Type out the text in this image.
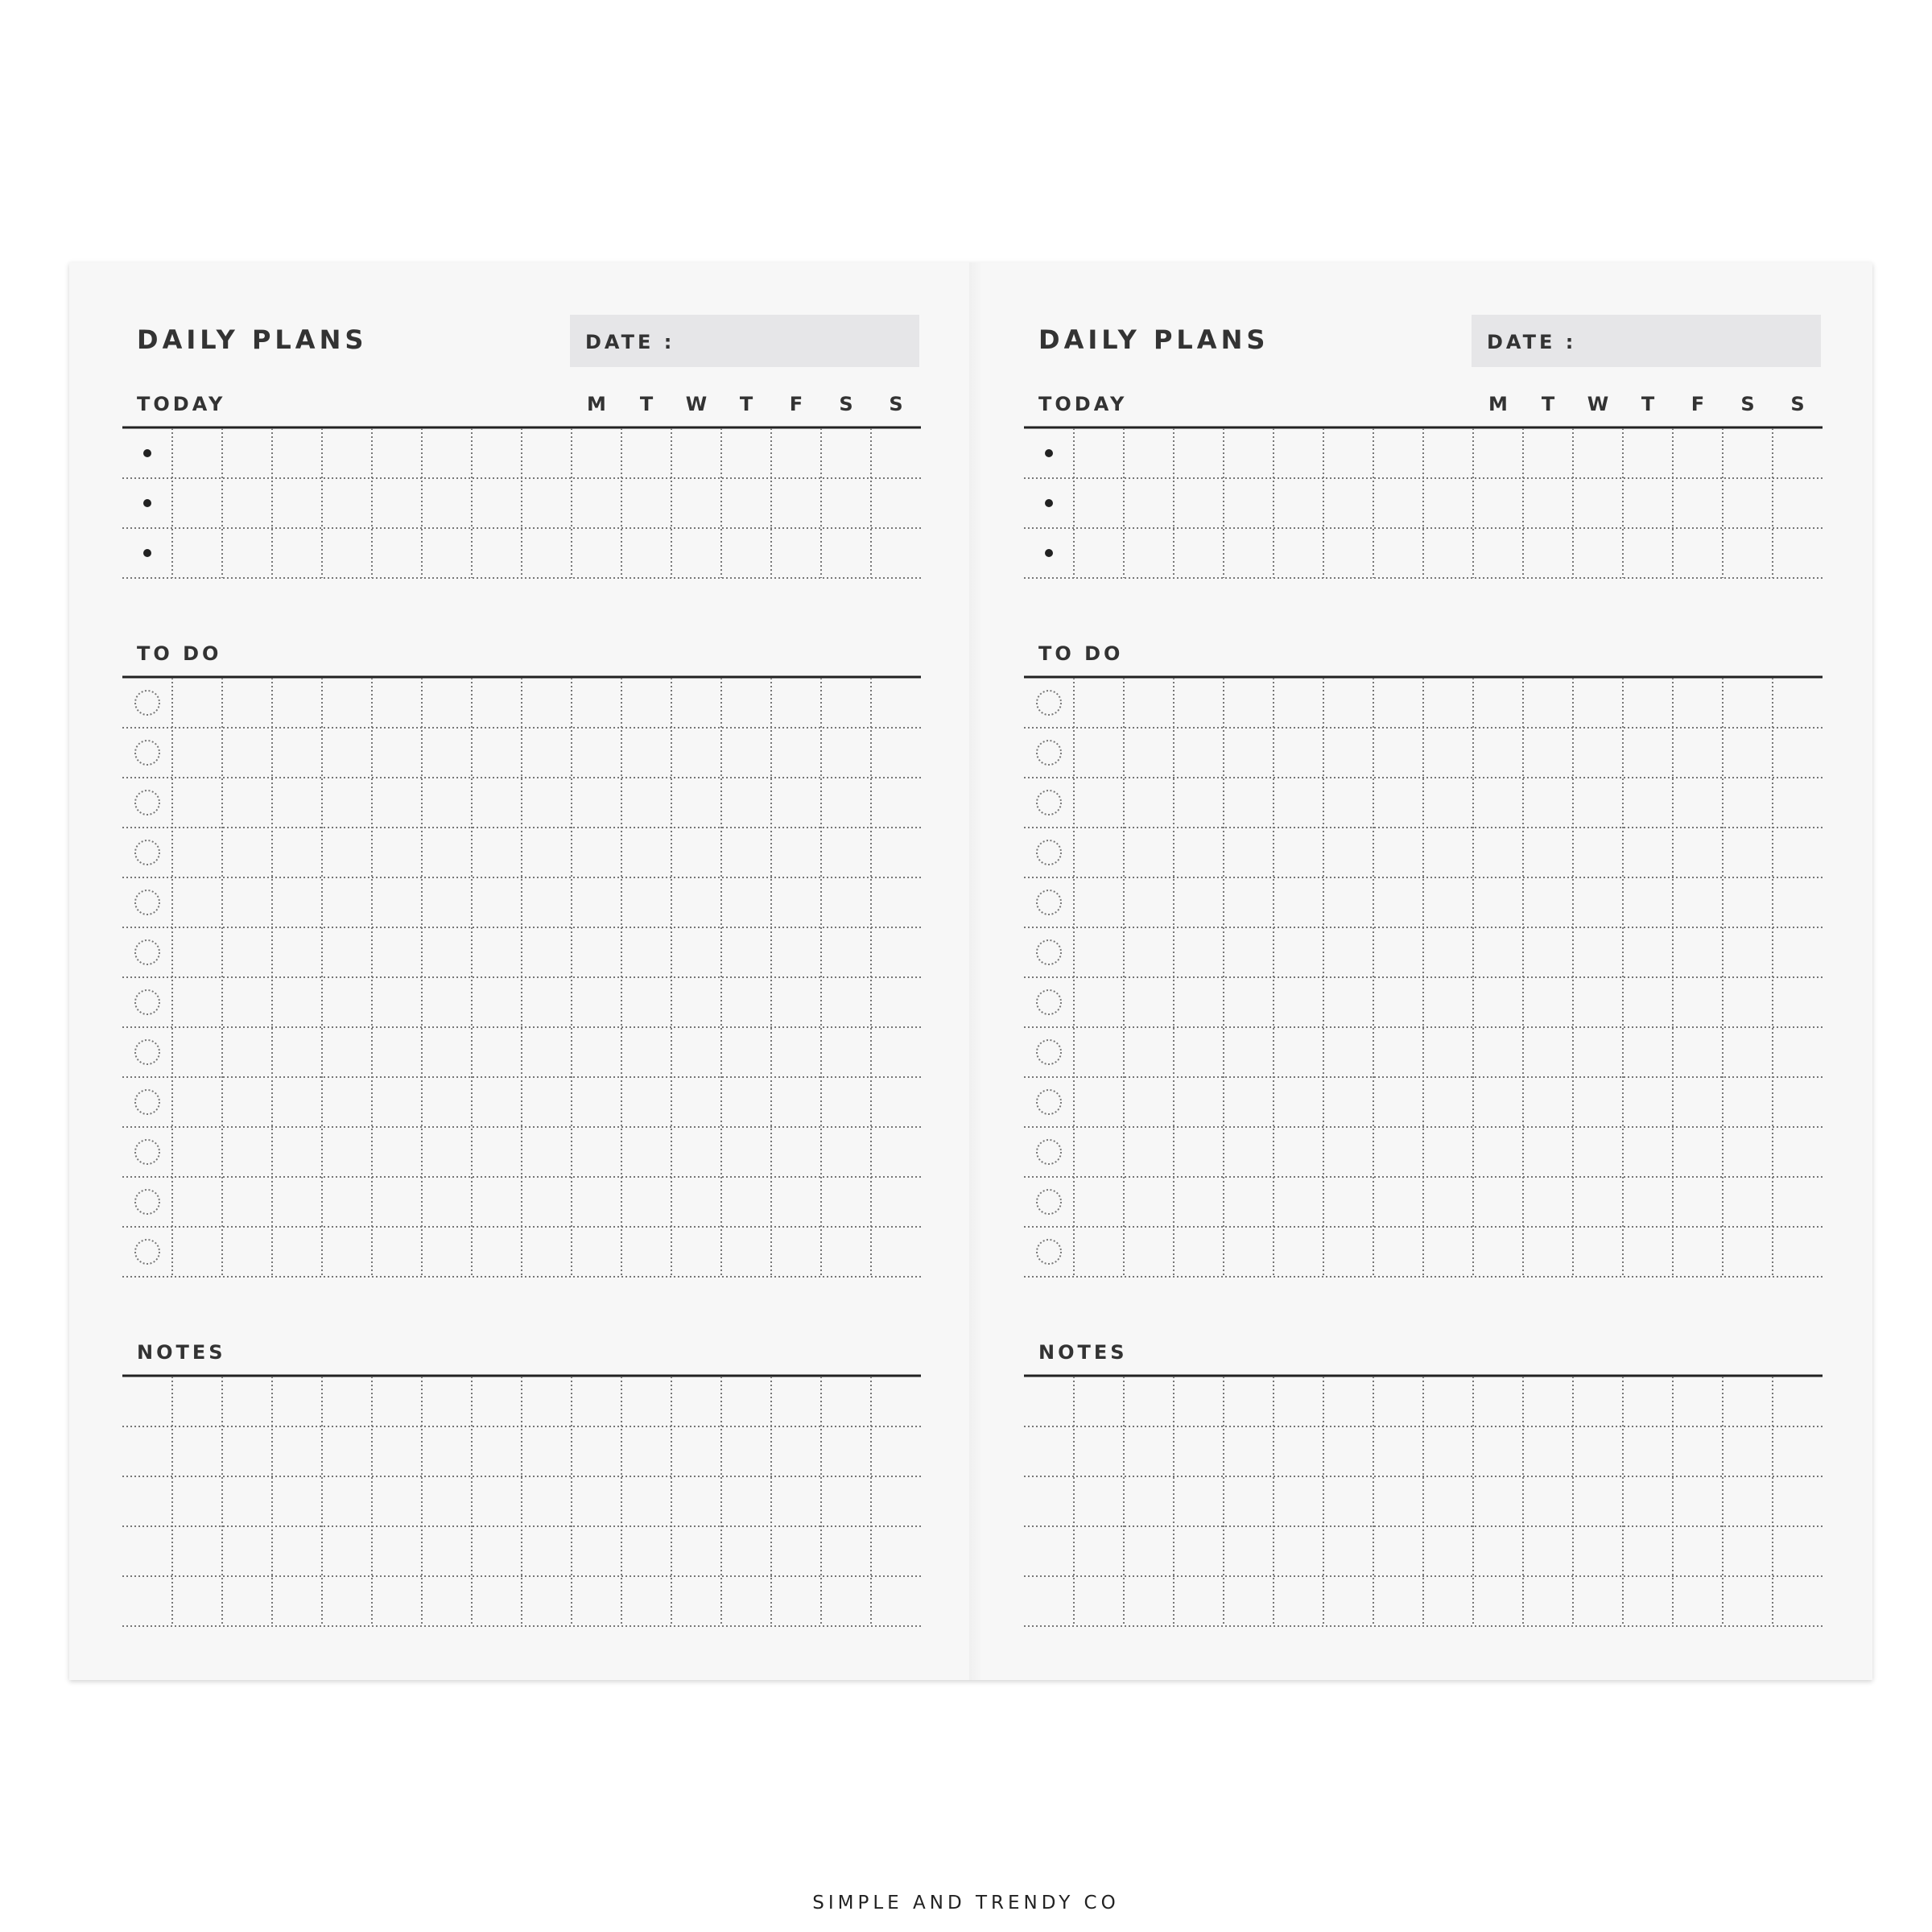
DAILY PLANS	DATE :
TODAY	M	T	W	T	F	S	S
TO DO
NOTES
DAILY PLANS	DATE :
TODAY	M	T	W	T	F	S	S
TO DO
NOTES
SIMPLE AND TRENDY CO
